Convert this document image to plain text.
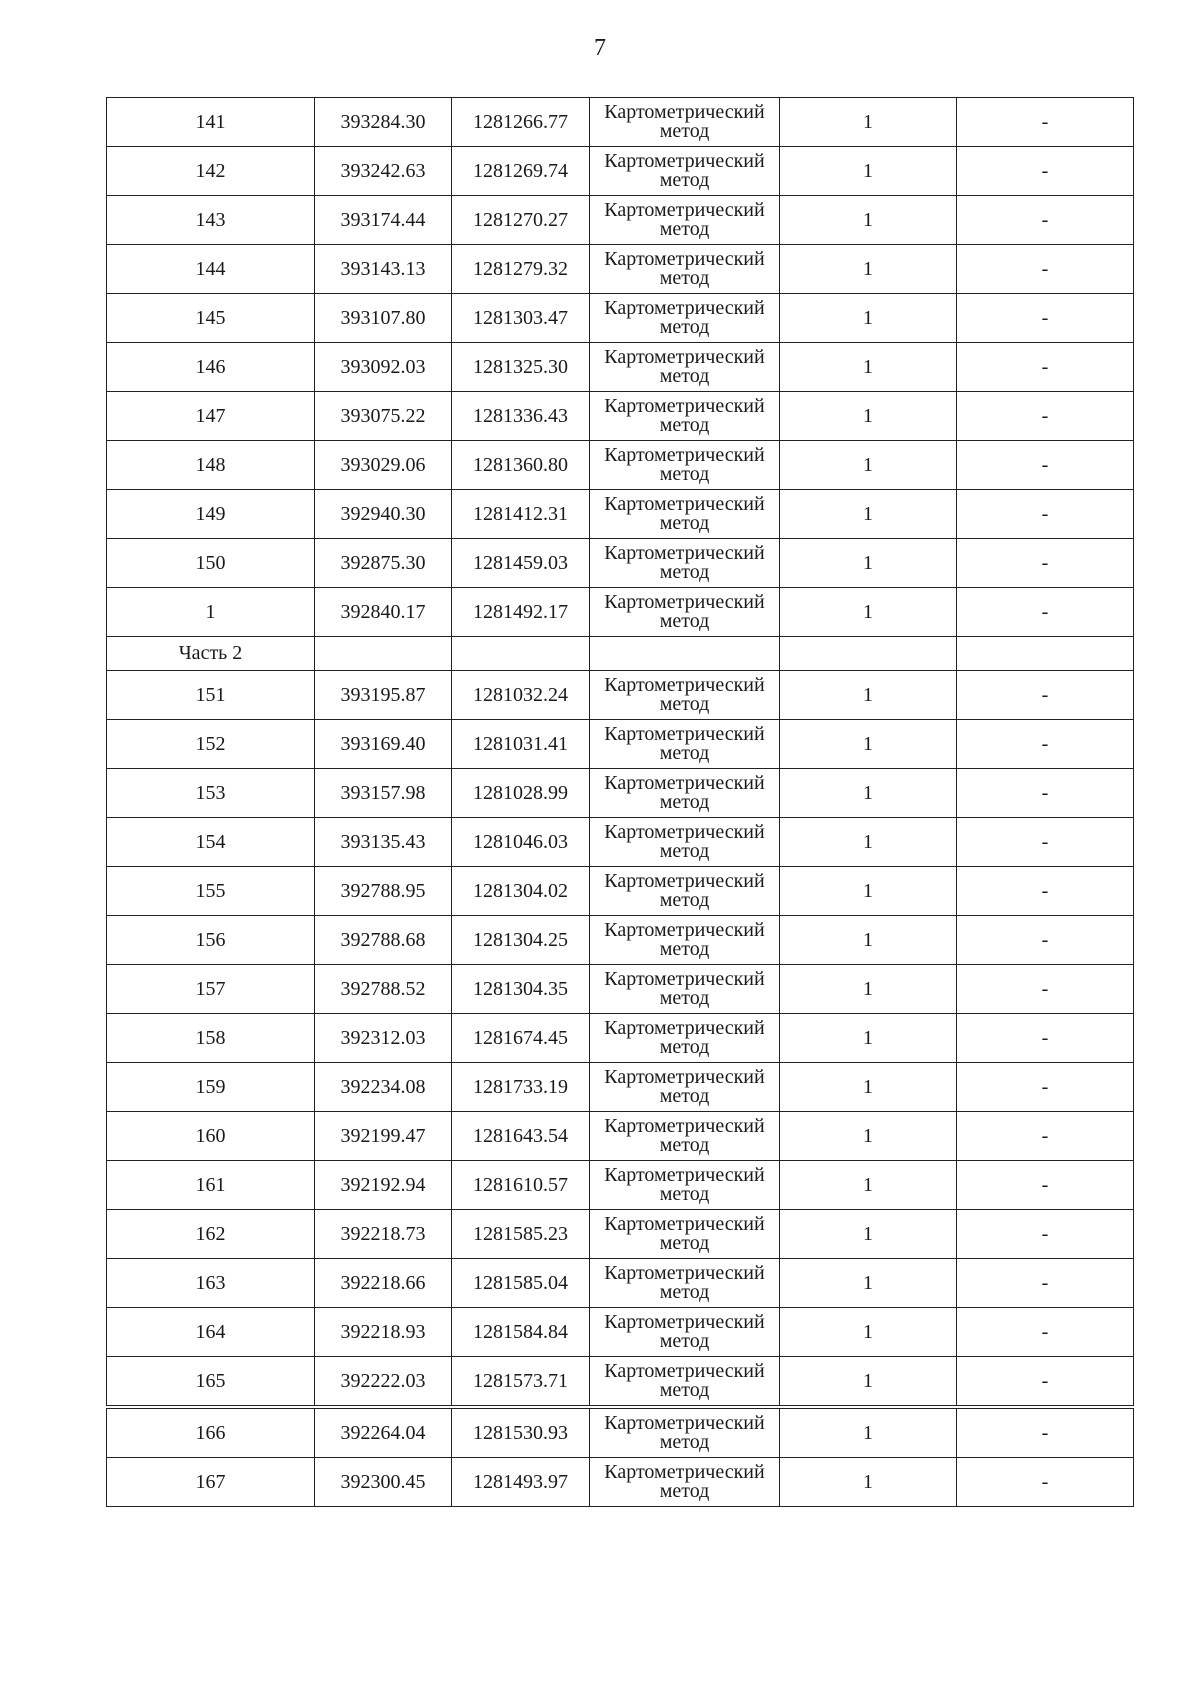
7
141	393284.30	1281266.77	Картометрический
метод	1	-
142	393242.63	1281269.74	Картометрический
метод	1	-
143	393174.44	1281270.27	Картометрический
метод	1	-
144	393143.13	1281279.32	Картометрический
метод	1	-
145	393107.80	1281303.47	Картометрический
метод	1	-
146	393092.03	1281325.30	Картометрический
метод	1	-
147	393075.22	1281336.43	Картометрический
метод	1	-
148	393029.06	1281360.80	Картометрический
метод	1	-
149	392940.30	1281412.31	Картометрический
метод	1	-
150	392875.30	1281459.03	Картометрический
метод	1	-
1	392840.17	1281492.17	Картометрический
метод	1	-
Часть 2					
151	393195.87	1281032.24	Картометрический
метод	1	-
152	393169.40	1281031.41	Картометрический
метод	1	-
153	393157.98	1281028.99	Картометрический
метод	1	-
154	393135.43	1281046.03	Картометрический
метод	1	-
155	392788.95	1281304.02	Картометрический
метод	1	-
156	392788.68	1281304.25	Картометрический
метод	1	-
157	392788.52	1281304.35	Картометрический
метод	1	-
158	392312.03	1281674.45	Картометрический
метод	1	-
159	392234.08	1281733.19	Картометрический
метод	1	-
160	392199.47	1281643.54	Картометрический
метод	1	-
161	392192.94	1281610.57	Картометрический
метод	1	-
162	392218.73	1281585.23	Картометрический
метод	1	-
163	392218.66	1281585.04	Картометрический
метод	1	-
164	392218.93	1281584.84	Картометрический
метод	1	-
165	392222.03	1281573.71	Картометрический
метод	1	-
166	392264.04	1281530.93	Картометрический
метод	1	-
167	392300.45	1281493.97	Картометрический
метод	1	-
